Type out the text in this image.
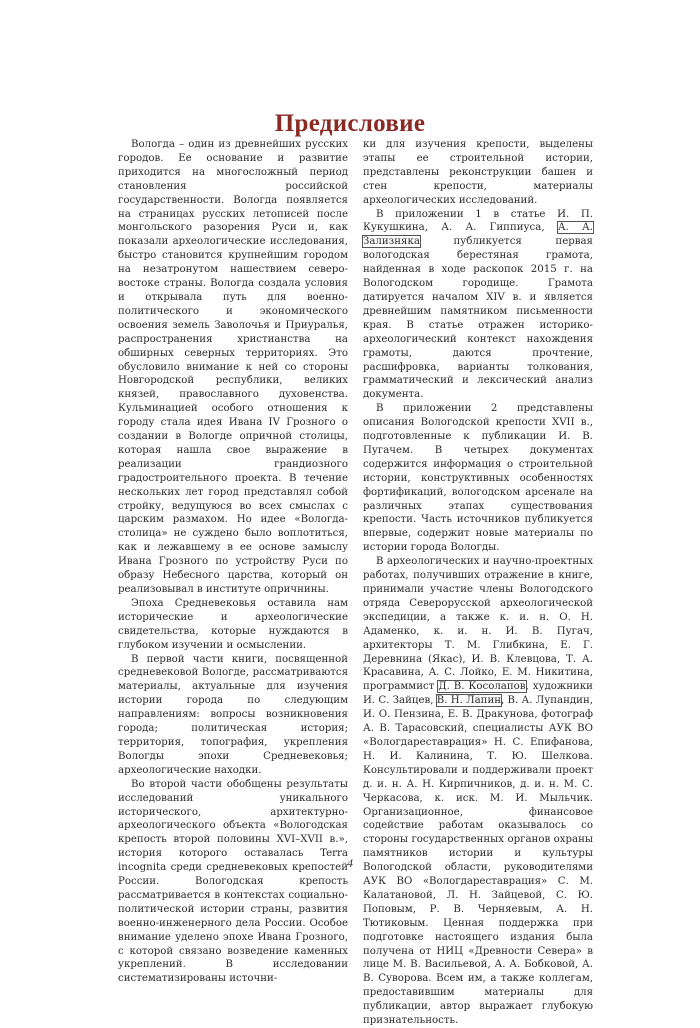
Предисловие

Вологда – один из древнейших русских городов. Ее основание и развитие приходится на многосложный период становления российской государственности. Вологда появляется на страницах русских летописей после монгольского разорения Руси и, как показали археологические исследования, быстро становится крупнейшим городом на незатронутом нашествием северо-востоке страны. Вологда создала условия и открывала путь для военно-политического и экономического освоения земель Заволочья и Приуралья, распространения христианства на обширных северных территориях. Это обусловило внимание к ней со стороны Новгородской республики, великих князей, православного духовенства. Кульминацией особого отношения к городу стала идея Ивана IV Грозного о создании в Вологде опричной столицы, которая нашла свое выражение в реализации грандиозного градостроительного проекта. В течение нескольких лет город представлял собой стройку, ведущуюся во всех смыслах с царским размахом. Но идее «Вологда-столица» не суждено было воплотиться, как и лежавшему в ее основе замыслу Ивана Грозного по устройству Руси по образу Небесного царства, который он реализовывал в институте опричнины.

Эпоха Средневековья оставила нам исторические и археологические свидетельства, которые нуждаются в глубоком изучении и осмыслении.

В первой части книги, посвященной средневековой Вологде, рассматриваются материалы, актуальные для изучения истории города по следующим направлениям: вопросы возникновения города; политическая история; территория, топография, укрепления Вологды эпохи Средневековья; археологические находки.

Во второй части обобщены результаты исследований уникального исторического, архитектурно-археологического объекта «Вологодская крепость второй половины XVI–XVII в.», история которого оставалась Terra incognita среди средневековых крепостей России. Вологодская крепость рассматривается в контекстах социально-политической истории страны, развития военно-инженерного дела России. Особое внимание уделено эпохе Ивана Грозного, с которой связано возведение каменных укреплений. В исследовании систематизированы источни-

ки для изучения крепости, выделены этапы ее строительной истории, представлены реконструкции башен и стен крепости, материалы археологических исследований.

В приложении 1 в статье И. П. Кукушкина, А. А. Гиппиуса, А. А. Зализняка публикуется первая вологодская берестяная грамота, найденная в ходе раскопок 2015 г. на Вологодском городище. Грамота датируется началом XIV в. и является древнейшим памятником письменности края. В статье отражен историко-археологический контекст нахождения грамоты, даются прочтение, расшифровка, варианты толкования, грамматический и лексический анализ документа.

В приложении 2 представлены описания Вологодской крепости XVII в., подготовленные к публикации И. В. Пугачем. В четырех документах содержится информация о строительной истории, конструктивных особенностях фортификаций, вологодском арсенале на различных этапах существования крепости. Часть источников публикуется впервые, содержит новые материалы по истории города Вологды.

В археологических и научно-проектных работах, получивших отражение в книге, принимали участие члены Вологодского отряда Северорусской археологической экспедиции, а также к. и. н. О. Н. Адаменко, к. и. н. И. В. Пугач, архитекторы Т. М. Глибкина, Е. Г. Деревнина (Якас), И. В. Клевцова, Т. А. Красавина, А. С. Лойко, Е. М. Никитина, программист Д. В. Косолапов, художники И. С. Зайцев, В. Н. Лапин, В. А. Лупандин, И. О. Пензина, Е. В. Дракунова, фотограф А. В. Тарасовский, специалисты АУК ВО «Вологдареставрация» Н. С. Епифанова, Н. И. Калинина, Т. Ю. Шелкова. Консультировали и поддерживали проект д. и. н. А. Н. Кирпичников, д. и. н. М. С. Черкасова, к. иск. М. И. Мыльчик. Организационное, финансовое содействие работам оказывалось со стороны государственных органов охраны памятников истории и культуры Вологодской области, руководителями АУК ВО «Вологдареставрация» С. М. Калатановой, Л. Н. Зайцевой, С. Ю. Поповым, Р. В. Черняевым, А. Н. Тютиковым. Ценная поддержка при подготовке настоящего издания была получена от НИЦ «Древности Севера» в лице М. В. Васильевой, А. А. Бобковой, А. В. Суворова. Всем им, а также коллегам, предоставившим материалы для публикации, автор выражает глубокую признательность.

4
